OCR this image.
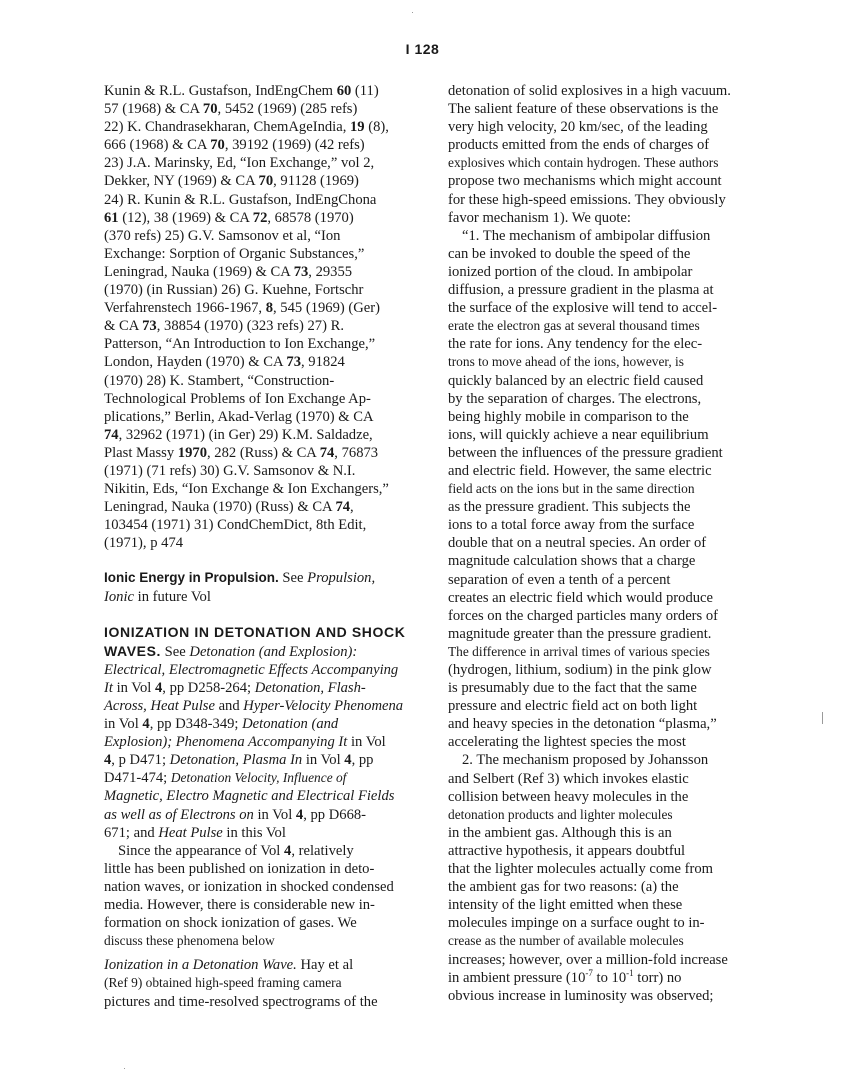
I 128

Kunin & R.L. Gustafson, IndEngChem 60 (11)
57 (1968) & CA 70, 5452 (1969) (285 refs)
22) K. Chandrasekharan, ChemAgeIndia, 19 (8),
666 (1968) & CA 70, 39192 (1969) (42 refs)
23) J.A. Marinsky, Ed, “Ion Exchange,” vol 2,
Dekker, NY (1969) & CA 70, 91128 (1969)
24) R. Kunin & R.L. Gustafson, IndEngChona
61 (12), 38 (1969) & CA 72, 68578 (1970)
(370 refs) 25) G.V. Samsonov et al, “Ion
Exchange: Sorption of Organic Substances,”
Leningrad, Nauka (1969) & CA 73, 29355
(1970) (in Russian) 26) G. Kuehne, Fortschr
Verfahrenstech 1966-1967, 8, 545 (1969) (Ger)
& CA 73, 38854 (1970) (323 refs) 27) R.
Patterson, “An Introduction to Ion Exchange,”
London, Hayden (1970) & CA 73, 91824
(1970) 28) K. Stambert, “Construction-
Technological Problems of Ion Exchange Ap-
plications,” Berlin, Akad-Verlag (1970) & CA
74, 32962 (1971) (in Ger) 29) K.M. Saldadze,
Plast Massy 1970, 282 (Russ) & CA 74, 76873
(1971) (71 refs) 30) G.V. Samsonov & N.I.
Nikitin, Eds, “Ion Exchange & Ion Exchangers,”
Leningrad, Nauka (1970) (Russ) & CA 74,
103454 (1971) 31) CondChemDict, 8th Edit,
(1971), p 474

Ionic Energy in Propulsion. See Propulsion,
Ionic in future Vol

IONIZATION IN DETONATION AND SHOCK
WAVES. See Detonation (and Explosion):
Electrical, Electromagnetic Effects Accompanying
It in Vol 4, pp D258-264; Detonation, Flash-
Across, Heat Pulse and Hyper-Velocity Phenomena
in Vol 4, pp D348-349; Detonation (and
Explosion); Phenomena Accompanying It in Vol
4, p D471; Detonation, Plasma In in Vol 4, pp
D471-474; Detonation Velocity, Influence of
Magnetic, Electro Magnetic and Electrical Fields
as well as of Electrons on in Vol 4, pp D668-
671; and Heat Pulse in this Vol

Since the appearance of Vol 4, relatively
little has been published on ionization in deto-
nation waves, or ionization in shocked condensed
media. However, there is considerable new in-
formation on shock ionization of gases. We
discuss these phenomena below

Ionization in a Detonation Wave. Hay et al
(Ref 9) obtained high-speed framing camera
pictures and time-resolved spectrograms of the

detonation of solid explosives in a high vacuum.
The salient feature of these observations is the
very high velocity, 20 km/sec, of the leading
products emitted from the ends of charges of
explosives which contain hydrogen. These authors
propose two mechanisms which might account
for these high-speed emissions. They obviously
favor mechanism 1). We quote:

“1. The mechanism of ambipolar diffusion
can be invoked to double the speed of the
ionized portion of the cloud. In ambipolar
diffusion, a pressure gradient in the plasma at
the surface of the explosive will tend to accel-
erate the electron gas at several thousand times
the rate for ions. Any tendency for the elec-
trons to move ahead of the ions, however, is
quickly balanced by an electric field caused
by the separation of charges. The electrons,
being highly mobile in comparison to the
ions, will quickly achieve a near equilibrium
between the influences of the pressure gradient
and electric field. However, the same electric
field acts on the ions but in the same direction
as the pressure gradient. This subjects the
ions to a total force away from the surface
double that on a neutral species. An order of
magnitude calculation shows that a charge
separation of even a tenth of a percent
creates an electric field which would produce
forces on the charged particles many orders of
magnitude greater than the pressure gradient.
The difference in arrival times of various species
(hydrogen, lithium, sodium) in the pink glow
is presumably due to the fact that the same
pressure and electric field act on both light
and heavy species in the detonation “plasma,”
accelerating the lightest species the most

2. The mechanism proposed by Johansson
and Selbert (Ref 3) which invokes elastic
collision between heavy molecules in the
detonation products and lighter molecules
in the ambient gas. Although this is an
attractive hypothesis, it appears doubtful
that the lighter molecules actually come from
the ambient gas for two reasons: (a) the
intensity of the light emitted when these
molecules impinge on a surface ought to in-
crease as the number of available molecules
increases; however, over a million-fold increase
in ambient pressure ($10^{-7}$ to $10^{-1}$ torr) no
obvious increase in luminosity was observed;
